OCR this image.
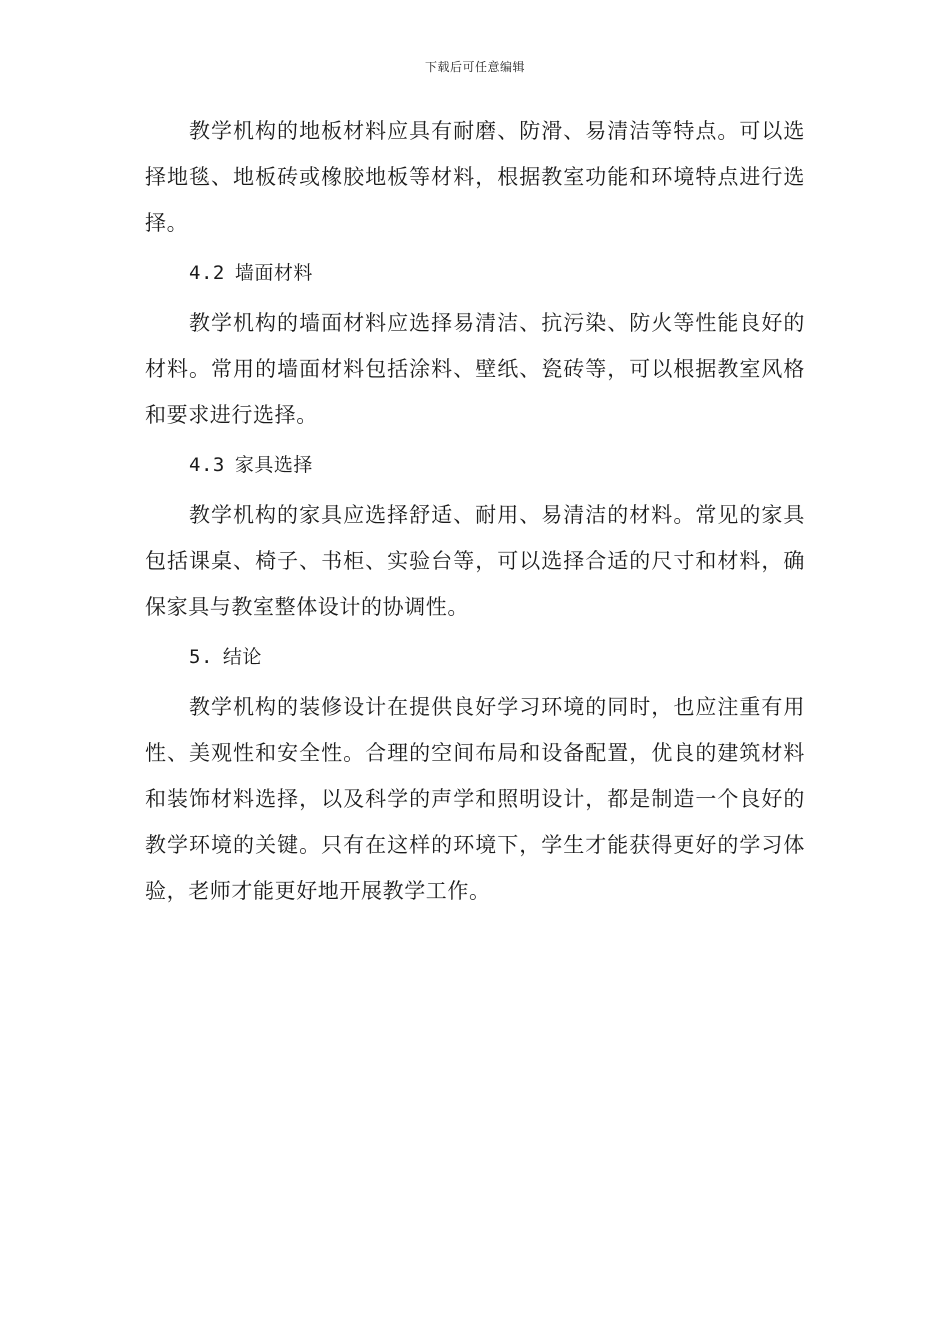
下载后可任意编辑

教学机构的地板材料应具有耐磨、防滑、易清洁等特点。可以选择地毯、地板砖或橡胶地板等材料，根据教室功能和环境特点进行选择。

4.2 墙面材料

教学机构的墙面材料应选择易清洁、抗污染、防火等性能良好的材料。常用的墙面材料包括涂料、壁纸、瓷砖等，可以根据教室风格和要求进行选择。

4.3 家具选择

教学机构的家具应选择舒适、耐用、易清洁的材料。常见的家具包括课桌、椅子、书柜、实验台等，可以选择合适的尺寸和材料，确保家具与教室整体设计的协调性。

5. 结论

教学机构的装修设计在提供良好学习环境的同时，也应注重有用性、美观性和安全性。合理的空间布局和设备配置，优良的建筑材料和装饰材料选择，以及科学的声学和照明设计，都是制造一个良好的教学环境的关键。只有在这样的环境下，学生才能获得更好的学习体验，老师才能更好地开展教学工作。
